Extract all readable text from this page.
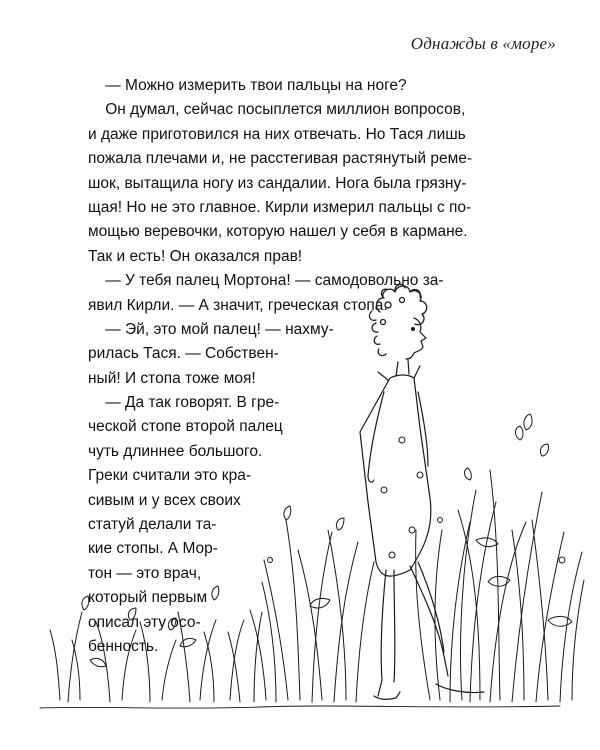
Однажды в «море»
— Можно измерить твои пальцы на ноге?
Он думал, сейчас посыплется миллион вопросов,
и даже приготовился на них отвечать. Но Тася лишь
пожала плечами и, не расстегивая растянутый реме-
шок, вытащила ногу из сандалии. Нога была грязну-
щая! Но не это главное. Кирли измерил пальцы с по-
мощью веревочки, которую нашел у себя в кармане.
Так и есть! Он оказался прав!
— У тебя палец Мортона! — самодовольно за-
явил Кирли. — А значит, греческая стопа.
— Эй, это мой палец! — нахму-
рилась Тася. — Собствен-
ный! И стопа тоже моя!
— Да так говорят. В гре-
ческой стопе второй палец
чуть длиннее большого.
Греки считали это кра-
сивым и у всех своих
статуй делали та-
кие стопы. А Мор-
тон — это врач,
который первым
описал эту осо-
бенность.
